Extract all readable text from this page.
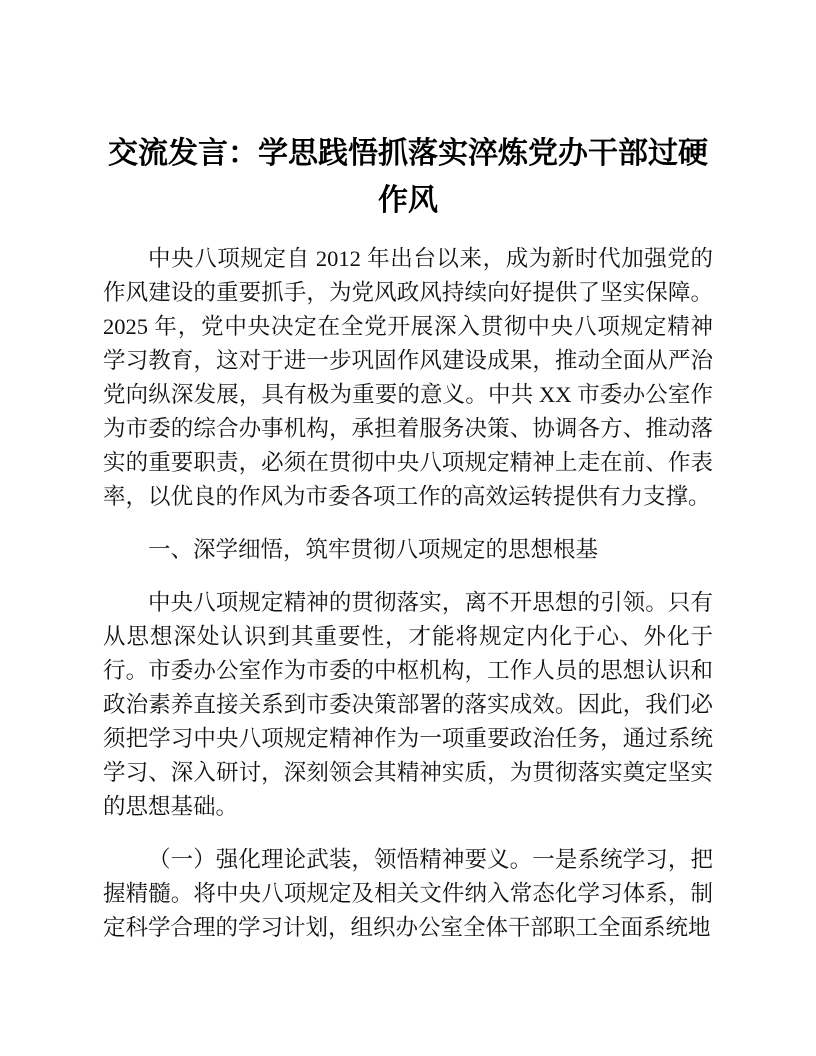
交流发言：学思践悟抓落实淬炼党办干部过硬作风

中央八项规定自 2012 年出台以来，成为新时代加强党的作风建设的重要抓手，为党风政风持续向好提供了坚实保障。2025 年，党中央决定在全党开展深入贯彻中央八项规定精神学习教育，这对于进一步巩固作风建设成果，推动全面从严治党向纵深发展，具有极为重要的意义。中共 XX 市委办公室作为市委的综合办事机构，承担着服务决策、协调各方、推动落实的重要职责，必须在贯彻中央八项规定精神上走在前、作表率，以优良的作风为市委各项工作的高效运转提供有力支撑。

一、深学细悟，筑牢贯彻八项规定的思想根基

中央八项规定精神的贯彻落实，离不开思想的引领。只有从思想深处认识到其重要性，才能将规定内化于心、外化于行。市委办公室作为市委的中枢机构，工作人员的思想认识和政治素养直接关系到市委决策部署的落实成效。因此，我们必须把学习中央八项规定精神作为一项重要政治任务，通过系统学习、深入研讨，深刻领会其精神实质，为贯彻落实奠定坚实的思想基础。

（一）强化理论武装，领悟精神要义。一是系统学习，把握精髓。将中央八项规定及相关文件纳入常态化学习体系，制定科学合理的学习计划，组织办公室全体干部职工全面系统地
